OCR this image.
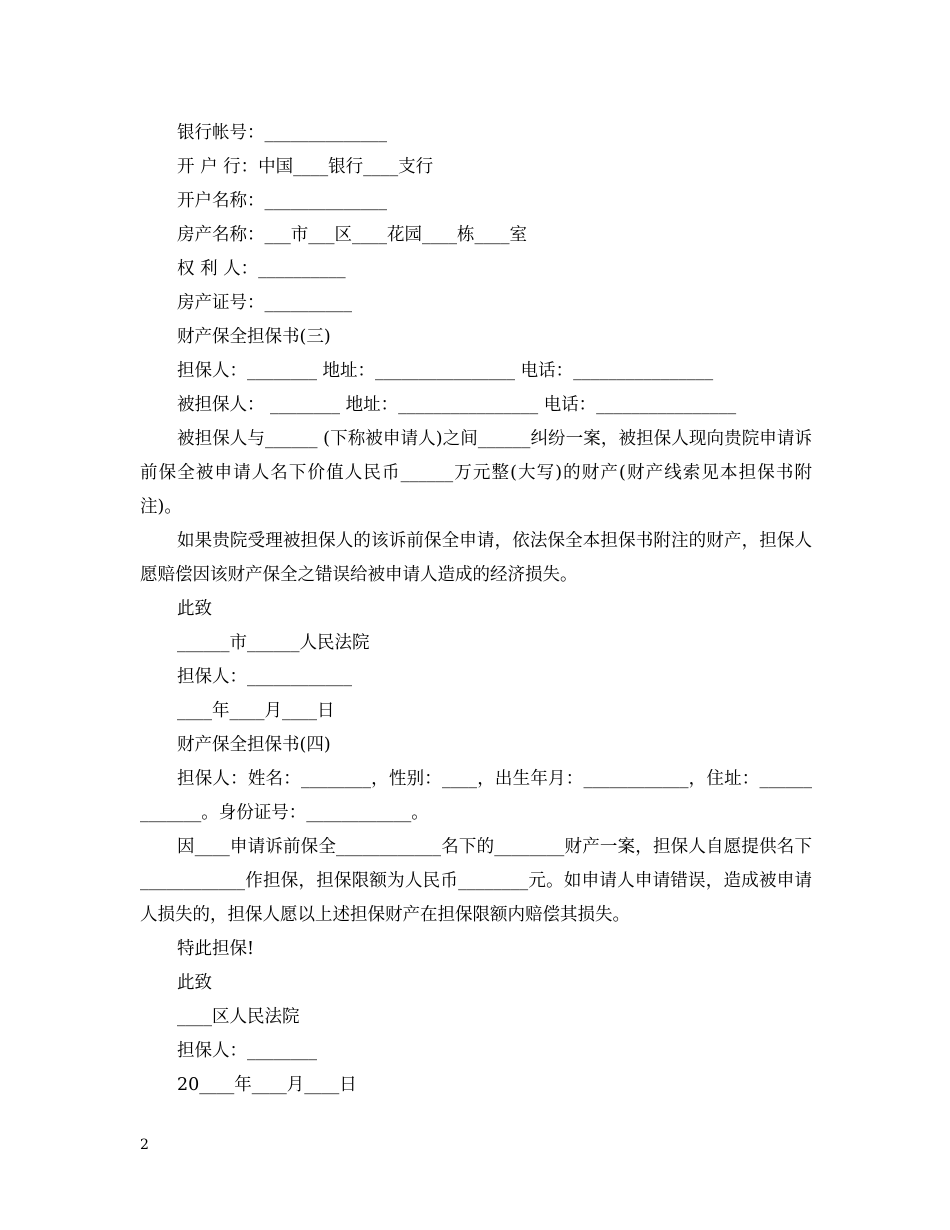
银行帐号：______________
开 户 行：中国____银行____支行
开户名称：______________
房产名称：___市___区____花园____栋____室
权 利 人：__________
房产证号：__________
财产保全担保书(三)
担保人：________ 地址：________________ 电话：________________
被担保人： ________ 地址：________________ 电话：________________
被担保人与______ (下称被申请人)之间______纠纷一案，被担保人现向贵院申请诉前保全被申请人名下价值人民币______万元整(大写)的财产(财产线索见本担保书附注)。
如果贵院受理被担保人的该诉前保全申请，依法保全本担保书附注的财产，担保人愿赔偿因该财产保全之错误给被申请人造成的经济损失。
此致
______市______人民法院
担保人：____________
____年____月____日
财产保全担保书(四)
担保人：姓名：________，性别：____，出生年月：____________，住址：_____________。身份证号：____________。
因____申请诉前保全____________名下的________财产一案，担保人自愿提供名下____________作担保，担保限额为人民币________元。如申请人申请错误，造成被申请人损失的，担保人愿以上述担保财产在担保限额内赔偿其损失。
特此担保!
此致
____区人民法院
担保人：________
20____年____月____日
2
